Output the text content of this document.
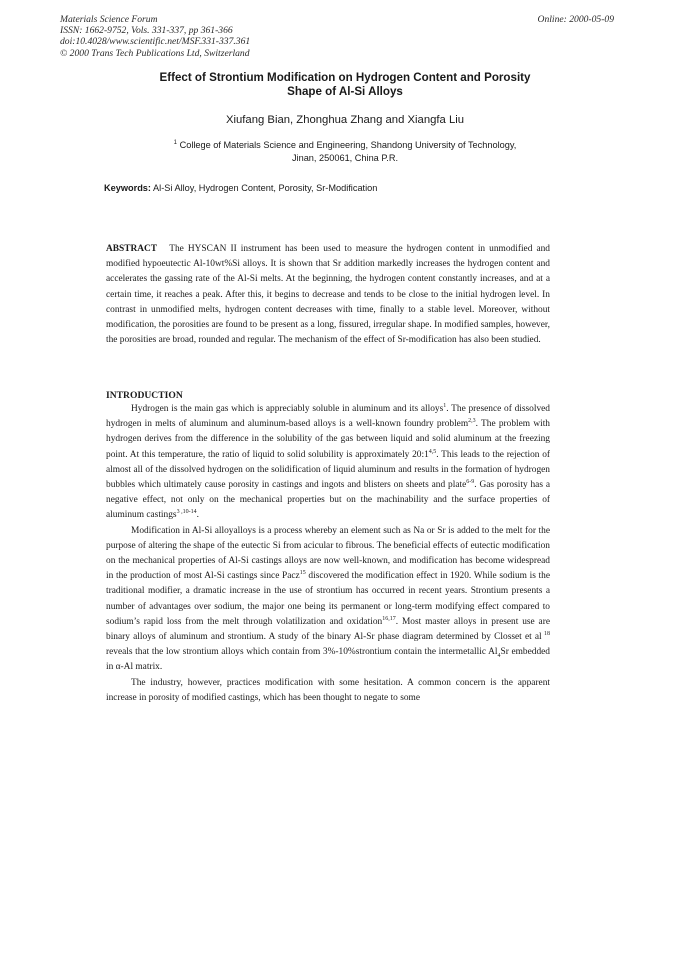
Materials Science Forum
ISSN: 1662-9752, Vols. 331-337, pp 361-366
doi:10.4028/www.scientific.net/MSF.331-337.361
© 2000 Trans Tech Publications Ltd, Switzerland
Online: 2000-05-09
Effect of Strontium Modification on Hydrogen Content and Porosity
Shape of Al-Si Alloys
Xiufang Bian, Zhonghua Zhang and Xiangfa Liu
$^1$ College of Materials Science and Engineering, Shandong University of Technology,
Jinan, 250061, China P.R.
Keywords: Al-Si Alloy, Hydrogen Content, Porosity, Sr-Modification

ABSTRACT The HYSCAN II instrument has been used to measure the hydrogen content in unmodified and modified hypoeutectic Al-10wt%Si alloys. It is shown that Sr addition markedly increases the hydrogen content and accelerates the gassing rate of the Al-Si melts. At the beginning, the hydrogen content constantly increases, and at a certain time, it reaches a peak. After this, it begins to decrease and tends to be close to the initial hydrogen level. In contrast in unmodified melts, hydrogen content decreases with time, finally to a stable level. Moreover, without modification, the porosities are found to be present as a long, fissured, irregular shape. In modified samples, however, the porosities are broad, rounded and regular. The mechanism of the effect of Sr-modification has also been studied.

INTRODUCTION

Hydrogen is the main gas which is appreciably soluble in aluminum and its alloys$^1$. The presence of dissolved hydrogen in melts of aluminum and aluminum-based alloys is a well-known foundry problem$^{2,3}$. The problem with hydrogen derives from the difference in the solubility of the gas between liquid and solid aluminum at the freezing point. At this temperature, the ratio of liquid to solid solubility is approximately 20:1$^{4,5}$. This leads to the rejection of almost all of the dissolved hydrogen on the solidification of liquid aluminum and results in the formation of hydrogen bubbles which ultimately cause porosity in castings and ingots and blisters on sheets and plate$^{6-9}$. Gas porosity has a negative effect, not only on the mechanical properties but on the machinability and the surface properties of aluminum castings$^{3 ,10-14}$.

Modification in Al-Si alloyalloys is a process whereby an element such as Na or Sr is added to the melt for the purpose of altering the shape of the eutectic Si from acicular to fibrous. The beneficial effects of eutectic modification on the mechanical properties of Al-Si castings alloys are now well-known, and modification has become widespread in the production of most Al-Si castings since Pacz$^{15}$ discovered the modification effect in 1920. While sodium is the traditional modifier, a dramatic increase in the use of strontium has occurred in recent years. Strontium presents a number of advantages over sodium, the major one being its permanent or long-term modifying effect compared to sodium’s rapid loss from the melt through volatilization and oxidation$^{16,17}$. Most master alloys in present use are binary alloys of aluminum and strontium. A study of the binary Al-Sr phase diagram determined by Closset et al $^{18}$ reveals that the low strontium alloys which contain from 3%-10%strontium contain the intermetallic $Al_4Sr$ embedded in α-Al matrix.

The industry, however, practices modification with some hesitation. A common concern is the apparent increase in porosity of modified castings, which has been thought to negate to some
